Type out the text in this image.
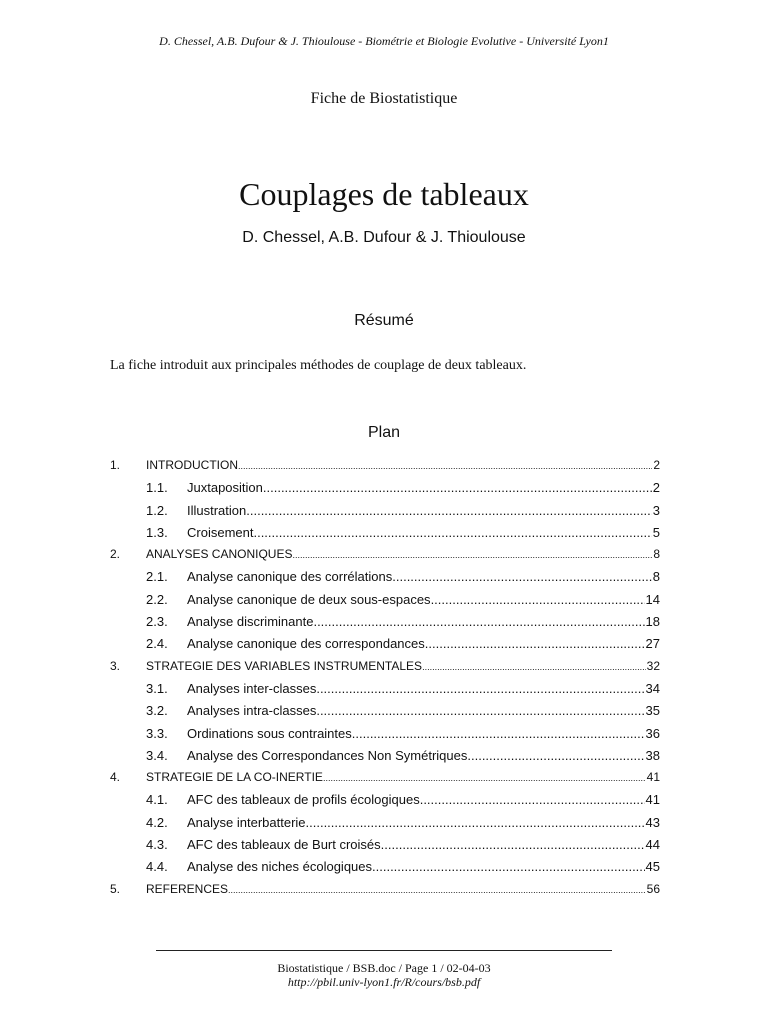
D. Chessel, A.B. Dufour & J. Thioulouse - Biométrie et Biologie Evolutive - Université Lyon1
Fiche de Biostatistique
Couplages de tableaux
D. Chessel, A.B. Dufour & J. Thioulouse
Résumé
La fiche introduit aux principales méthodes de couplage de deux tableaux.
Plan
1.	INTRODUCTION .....	2
1.1.	Juxtaposition .....	2
1.2.	Illustration .....	3
1.3.	Croisement .....	5
2.	ANALYSES CANONIQUES .....	8
2.1.	Analyse canonique des corrélations .....	8
2.2.	Analyse canonique de deux sous-espaces .....	14
2.3.	Analyse discriminante .....	18
2.4.	Analyse canonique des correspondances .....	27
3.	STRATEGIE DES VARIABLES INSTRUMENTALES .....	32
3.1.	Analyses inter-classes .....	34
3.2.	Analyses intra-classes .....	35
3.3.	Ordinations sous contraintes .....	36
3.4.	Analyse des Correspondances Non Symétriques .....	38
4.	STRATEGIE DE LA CO-INERTIE .....	41
4.1.	AFC des tableaux de profils écologiques .....	41
4.2.	Analyse interbatterie .....	43
4.3.	AFC des tableaux de Burt croisés .....	44
4.4.	Analyse des niches écologiques .....	45
5.	REFERENCES .....	56
Biostatistique / BSB.doc / Page 1 / 02-04-03
http://pbil.univ-lyon1.fr/R/cours/bsb.pdf
